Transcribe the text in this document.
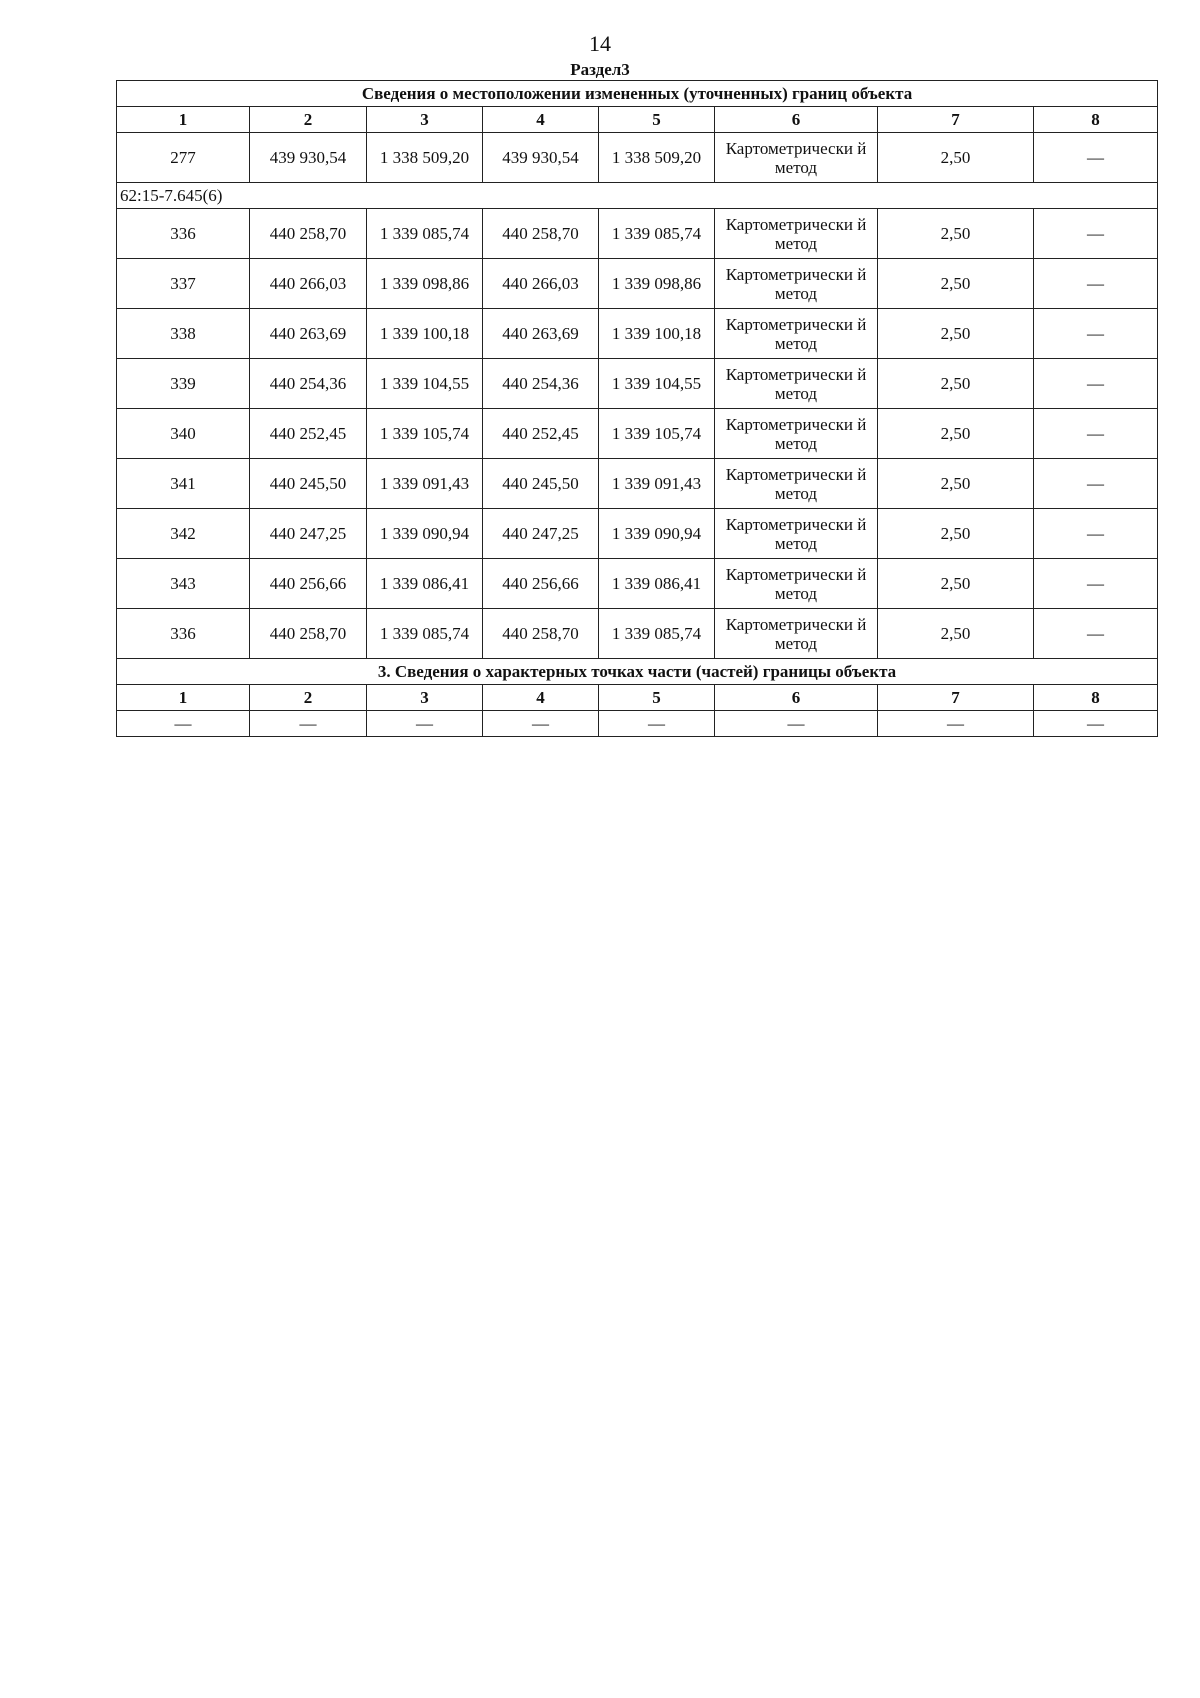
14
Раздел3
Сведения о местоположении измененных (уточненных) границ объекта							
1	2	3	4	5	6	7	8
277	439 930,54	1 338 509,20	439 930,54	1 338 509,20	Картометрически й метод	2,50	—
62:15-7.645(6)							
336	440 258,70	1 339 085,74	440 258,70	1 339 085,74	Картометрически й метод	2,50	—
337	440 266,03	1 339 098,86	440 266,03	1 339 098,86	Картометрически й метод	2,50	—
338	440 263,69	1 339 100,18	440 263,69	1 339 100,18	Картометрически й метод	2,50	—
339	440 254,36	1 339 104,55	440 254,36	1 339 104,55	Картометрически й метод	2,50	—
340	440 252,45	1 339 105,74	440 252,45	1 339 105,74	Картометрически й метод	2,50	—
341	440 245,50	1 339 091,43	440 245,50	1 339 091,43	Картометрически й метод	2,50	—
342	440 247,25	1 339 090,94	440 247,25	1 339 090,94	Картометрически й метод	2,50	—
343	440 256,66	1 339 086,41	440 256,66	1 339 086,41	Картометрически й метод	2,50	—
336	440 258,70	1 339 085,74	440 258,70	1 339 085,74	Картометрически й метод	2,50	—
3. Сведения о характерных точках части (частей) границы объекта							
1	2	3	4	5	6	7	8
—	—	—	—	—	—	—	—
